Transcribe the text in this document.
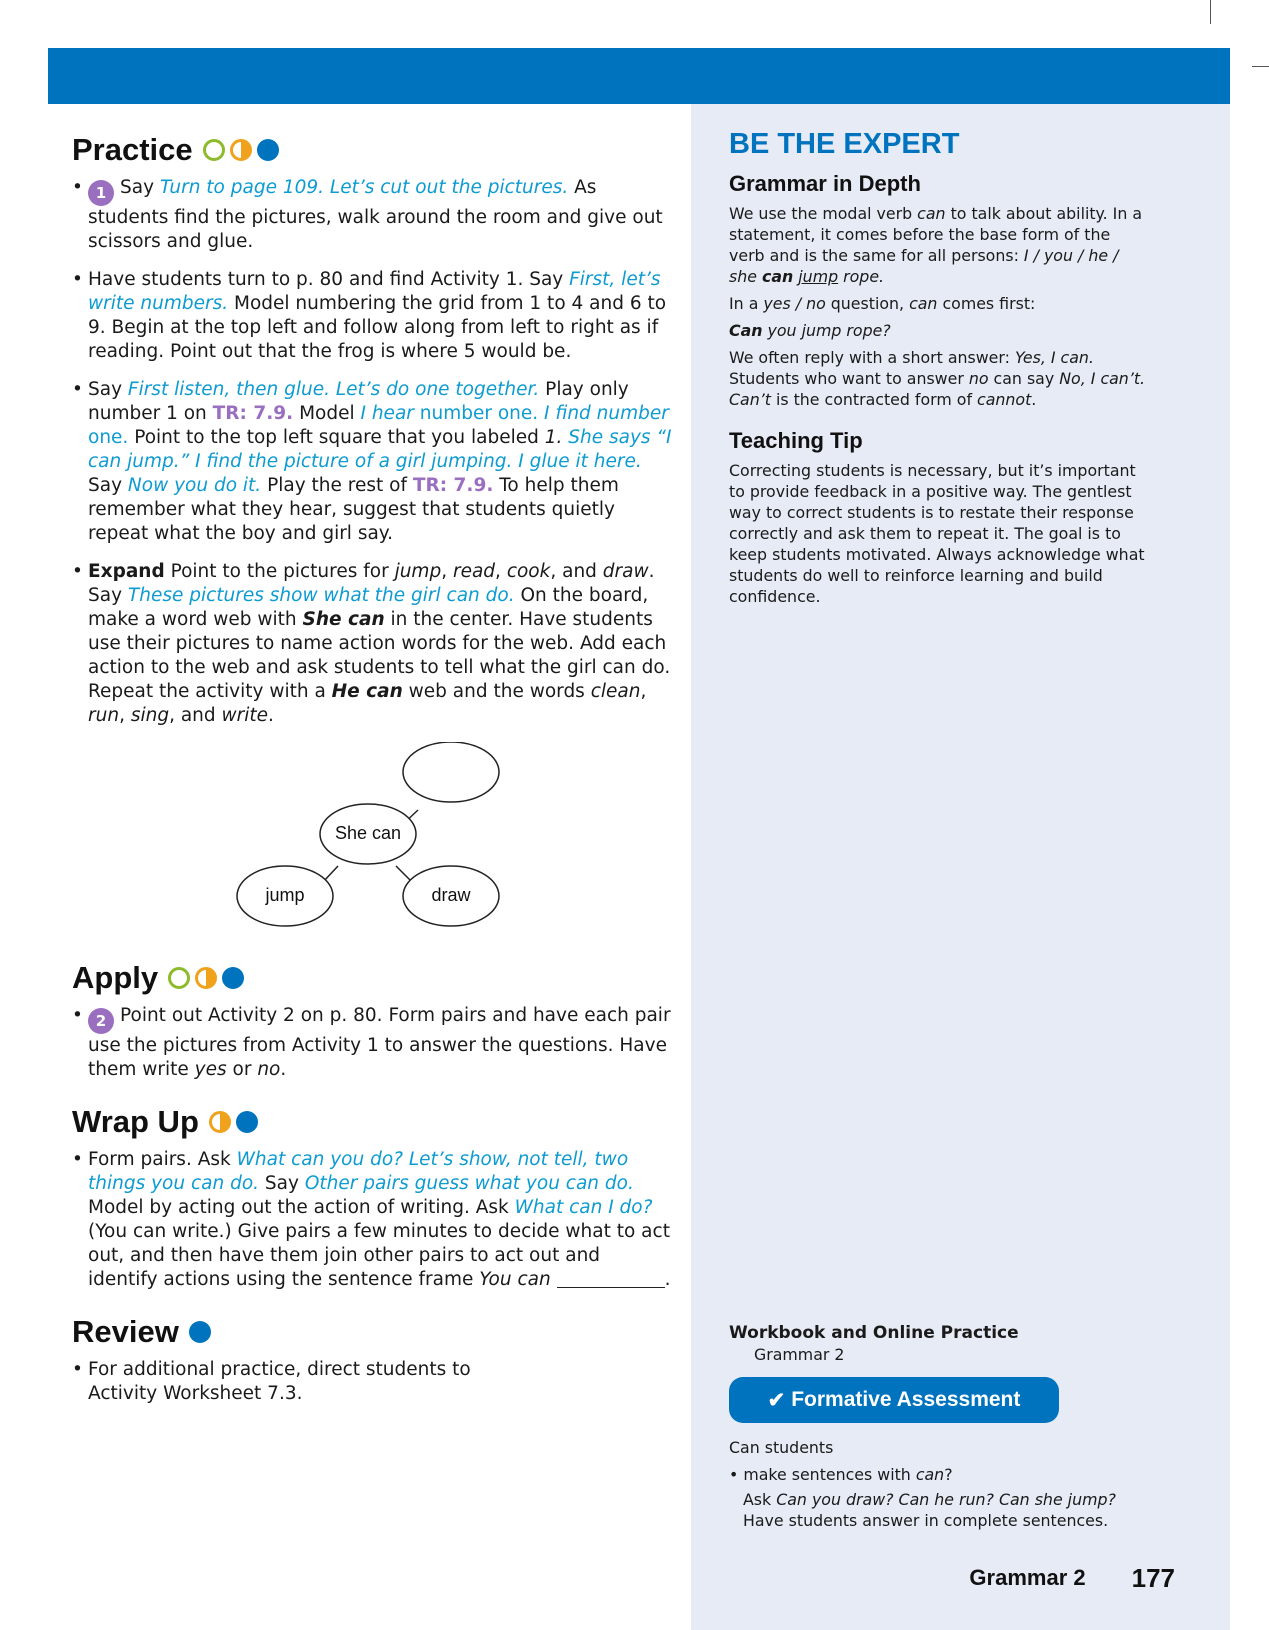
Practice
• 1 Say Turn to page 109. Let’s cut out the pictures. As students find the pictures, walk around the room and give out scissors and glue.
• Have students turn to p. 80 and find Activity 1. Say First, let’s write numbers. Model numbering the grid from 1 to 4 and 6 to 9. Begin at the top left and follow along from left to right as if reading. Point out that the frog is where 5 would be.
• Say First listen, then glue. Let’s do one together. Play only number 1 on TR: 7.9. Model I hear number one. I find number one. Point to the top left square that you labeled 1. She says “I can jump.” I find the picture of a girl jumping. I glue it here. Say Now you do it. Play the rest of TR: 7.9. To help them remember what they hear, suggest that students quietly repeat what the boy and girl say.
• Expand Point to the pictures for jump, read, cook, and draw. Say These pictures show what the girl can do. On the board, make a word web with She can in the center. Have students use their pictures to name action words for the web. Add each action to the web and ask students to tell what the girl can do. Repeat the activity with a He can web and the words clean, run, sing, and write.
She can
jump	draw
Apply
• 2 Point out Activity 2 on p. 80. Form pairs and have each pair use the pictures from Activity 1 to answer the questions. Have them write yes or no.
Wrap Up
• Form pairs. Ask What can you do? Let’s show, not tell, two things you can do. Say Other pairs guess what you can do. Model by acting out the action of writing. Ask What can I do? (You can write.) Give pairs a few minutes to decide what to act out, and then have them join other pairs to act out and identify actions using the sentence frame You can	.
Review
• For additional practice, direct students to Activity Worksheet 7.3.
BE THE EXPERT
Grammar in Depth

We use the modal verb can to talk about ability. In a statement, it comes before the base form of the verb and is the same for all persons: I / you / he / she can jump rope.

In a yes / no question, can comes first:

Can you jump rope?

We often reply with a short answer: Yes, I can. Students who want to answer no can say No, I can’t. Can’t is the contracted form of cannot.

Teaching Tip

Correcting students is necessary, but it’s important to provide feedback in a positive way. The gentlest way to correct students is to restate their response correctly and ask them to repeat it. The goal is to keep students motivated. Always acknowledge what students do well to reinforce learning and build confidence.

Workbook and Online Practice
Grammar 2
✔ Formative Assessment
Can students
• make sentences with can?
Ask Can you draw? Can he run? Can she jump? Have students answer in complete sentences.
Grammar 2 177
